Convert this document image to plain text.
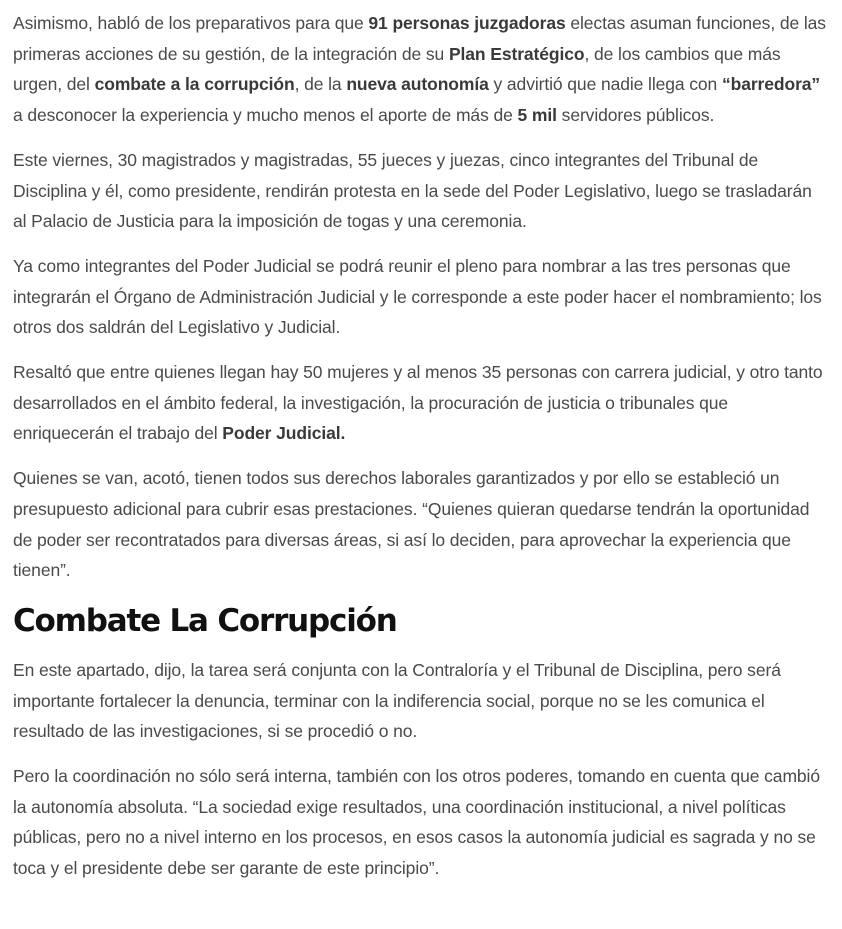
Asimismo, habló de los preparativos para que 91 personas juzgadoras electas asuman funciones, de las primeras acciones de su gestión, de la integración de su Plan Estratégico, de los cambios que más urgen, del combate a la corrupción, de la nueva autonomía y advirtió que nadie llega con “barredora” a desconocer la experiencia y mucho menos el aporte de más de 5 mil servidores públicos.

Este viernes, 30 magistrados y magistradas, 55 jueces y juezas, cinco integrantes del Tribunal de Disciplina y él, como presidente, rendirán protesta en la sede del Poder Legislativo, luego se trasladarán al Palacio de Justicia para la imposición de togas y una ceremonia.

Ya como integrantes del Poder Judicial se podrá reunir el pleno para nombrar a las tres personas que integrarán el Órgano de Administración Judicial y le corresponde a este poder hacer el nombramiento; los otros dos saldrán del Legislativo y Judicial.

Resaltó que entre quienes llegan hay 50 mujeres y al menos 35 personas con carrera judicial, y otro tanto desarrollados en el ámbito federal, la investigación, la procuración de justicia o tribunales que enriquecerán el trabajo del Poder Judicial.

Quienes se van, acotó, tienen todos sus derechos laborales garantizados y por ello se estableció un presupuesto adicional para cubrir esas prestaciones. “Quienes quieran quedarse tendrán la oportunidad de poder ser recontratados para diversas áreas, si así lo deciden, para aprovechar la experiencia que tienen”.

Combate La Corrupción

En este apartado, dijo, la tarea será conjunta con la Contraloría y el Tribunal de Disciplina, pero será importante fortalecer la denuncia, terminar con la indiferencia social, porque no se les comunica el resultado de las investigaciones, si se procedió o no.

Pero la coordinación no sólo será interna, también con los otros poderes, tomando en cuenta que cambió la autonomía absoluta. “La sociedad exige resultados, una coordinación institucional, a nivel políticas públicas, pero no a nivel interno en los procesos, en esos casos la autonomía judicial es sagrada y no se toca y el presidente debe ser garante de este principio”.
